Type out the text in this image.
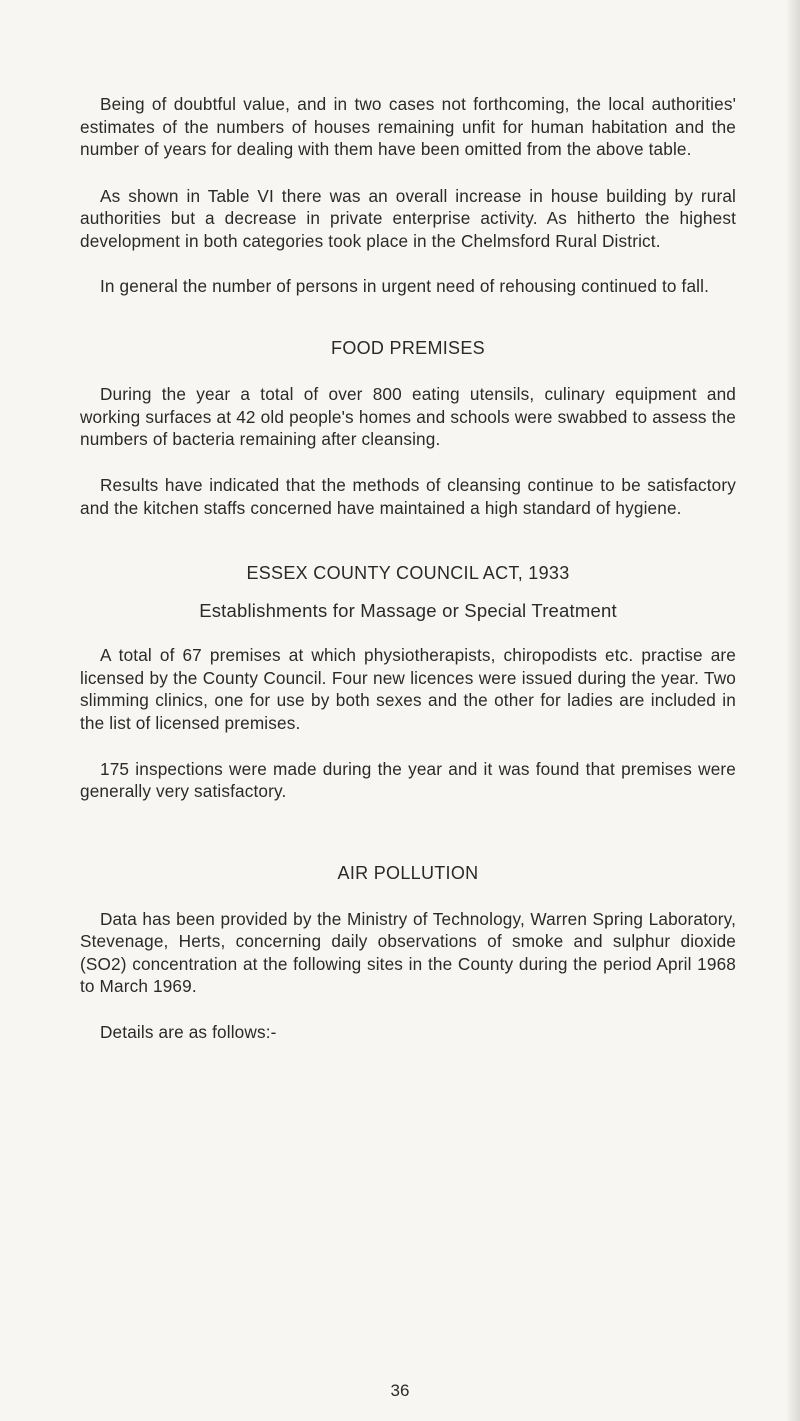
Being of doubtful value, and in two cases not forthcoming, the local authorities' estimates of the numbers of houses remaining unfit for human habitation and the number of years for dealing with them have been omitted from the above table.

As shown in Table VI there was an overall increase in house building by rural authorities but a decrease in private enterprise activity. As hitherto the highest development in both categories took place in the Chelmsford Rural District.

In general the number of persons in urgent need of rehousing continued to fall.

FOOD PREMISES

During the year a total of over 800 eating utensils, culinary equipment and working surfaces at 42 old people's homes and schools were swabbed to assess the numbers of bacteria remaining after cleansing.

Results have indicated that the methods of cleansing continue to be satisfactory and the kitchen staffs concerned have maintained a high standard of hygiene.

ESSEX COUNTY COUNCIL ACT, 1933
Establishments for Massage or Special Treatment

A total of 67 premises at which physiotherapists, chiropodists etc. practise are licensed by the County Council. Four new licences were issued during the year. Two slimming clinics, one for use by both sexes and the other for ladies are included in the list of licensed premises.

175 inspections were made during the year and it was found that premises were generally very satisfactory.

AIR POLLUTION

Data has been provided by the Ministry of Technology, Warren Spring Laboratory, Stevenage, Herts, concerning daily observations of smoke and sulphur dioxide (SO2) concentration at the following sites in the County during the period April 1968 to March 1969.

Details are as follows:-

36
